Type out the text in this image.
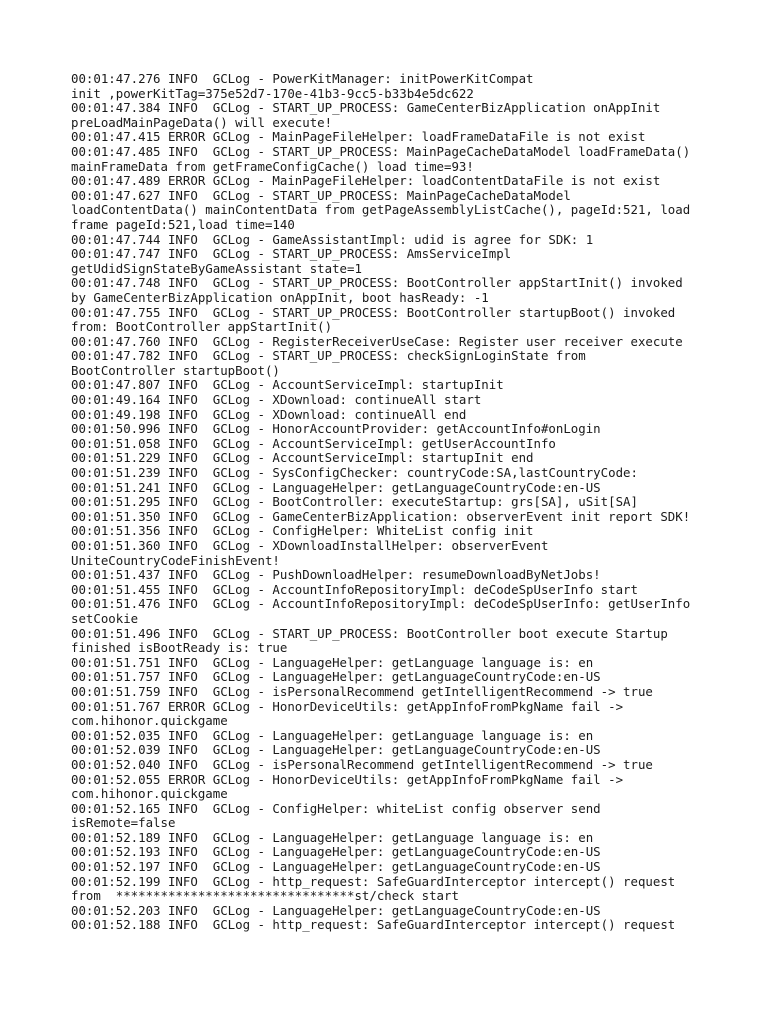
00:01:47.276 INFO  GCLog - PowerKitManager: initPowerKitCompat
init ,powerKitTag=375e52d7-170e-41b3-9cc5-b33b4e5dc622
00:01:47.384 INFO  GCLog - START_UP_PROCESS: GameCenterBizApplication onAppInit
preLoadMainPageData() will execute!
00:01:47.415 ERROR GCLog - MainPageFileHelper: loadFrameDataFile is not exist
00:01:47.485 INFO  GCLog - START_UP_PROCESS: MainPageCacheDataModel loadFrameData()
mainFrameData from getFrameConfigCache() load time=93!
00:01:47.489 ERROR GCLog - MainPageFileHelper: loadContentDataFile is not exist
00:01:47.627 INFO  GCLog - START_UP_PROCESS: MainPageCacheDataModel
loadContentData() mainContentData from getPageAssemblyListCache(), pageId:521, load
frame pageId:521,load time=140
00:01:47.744 INFO  GCLog - GameAssistantImpl: udid is agree for SDK: 1
00:01:47.747 INFO  GCLog - START_UP_PROCESS: AmsServiceImpl
getUdidSignStateByGameAssistant state=1
00:01:47.748 INFO  GCLog - START_UP_PROCESS: BootController appStartInit() invoked
by GameCenterBizApplication onAppInit, boot hasReady: -1
00:01:47.755 INFO  GCLog - START_UP_PROCESS: BootController startupBoot() invoked
from: BootController appStartInit()
00:01:47.760 INFO  GCLog - RegisterReceiverUseCase: Register user receiver execute
00:01:47.782 INFO  GCLog - START_UP_PROCESS: checkSignLoginState from
BootController startupBoot()
00:01:47.807 INFO  GCLog - AccountServiceImpl: startupInit
00:01:49.164 INFO  GCLog - XDownload: continueAll start
00:01:49.198 INFO  GCLog - XDownload: continueAll end
00:01:50.996 INFO  GCLog - HonorAccountProvider: getAccountInfo#onLogin
00:01:51.058 INFO  GCLog - AccountServiceImpl: getUserAccountInfo
00:01:51.229 INFO  GCLog - AccountServiceImpl: startupInit end
00:01:51.239 INFO  GCLog - SysConfigChecker: countryCode:SA,lastCountryCode:
00:01:51.241 INFO  GCLog - LanguageHelper: getLanguageCountryCode:en-US
00:01:51.295 INFO  GCLog - BootController: executeStartup: grs[SA], uSit[SA]
00:01:51.350 INFO  GCLog - GameCenterBizApplication: observerEvent init report SDK!
00:01:51.356 INFO  GCLog - ConfigHelper: WhiteList config init
00:01:51.360 INFO  GCLog - XDownloadInstallHelper: observerEvent
UniteCountryCodeFinishEvent!
00:01:51.437 INFO  GCLog - PushDownloadHelper: resumeDownloadByNetJobs!
00:01:51.455 INFO  GCLog - AccountInfoRepositoryImpl: deCodeSpUserInfo start
00:01:51.476 INFO  GCLog - AccountInfoRepositoryImpl: deCodeSpUserInfo: getUserInfo
setCookie
00:01:51.496 INFO  GCLog - START_UP_PROCESS: BootController boot execute Startup
finished isBootReady is: true
00:01:51.751 INFO  GCLog - LanguageHelper: getLanguage language is: en
00:01:51.757 INFO  GCLog - LanguageHelper: getLanguageCountryCode:en-US
00:01:51.759 INFO  GCLog - isPersonalRecommend getIntelligentRecommend -> true
00:01:51.767 ERROR GCLog - HonorDeviceUtils: getAppInfoFromPkgName fail ->
com.hihonor.quickgame
00:01:52.035 INFO  GCLog - LanguageHelper: getLanguage language is: en
00:01:52.039 INFO  GCLog - LanguageHelper: getLanguageCountryCode:en-US
00:01:52.040 INFO  GCLog - isPersonalRecommend getIntelligentRecommend -> true
00:01:52.055 ERROR GCLog - HonorDeviceUtils: getAppInfoFromPkgName fail ->
com.hihonor.quickgame
00:01:52.165 INFO  GCLog - ConfigHelper: whiteList config observer send
isRemote=false
00:01:52.189 INFO  GCLog - LanguageHelper: getLanguage language is: en
00:01:52.193 INFO  GCLog - LanguageHelper: getLanguageCountryCode:en-US
00:01:52.197 INFO  GCLog - LanguageHelper: getLanguageCountryCode:en-US
00:01:52.199 INFO  GCLog - http_request: SafeGuardInterceptor intercept() request
from  ********************************st/check start
00:01:52.203 INFO  GCLog - LanguageHelper: getLanguageCountryCode:en-US
00:01:52.188 INFO  GCLog - http_request: SafeGuardInterceptor intercept() request
